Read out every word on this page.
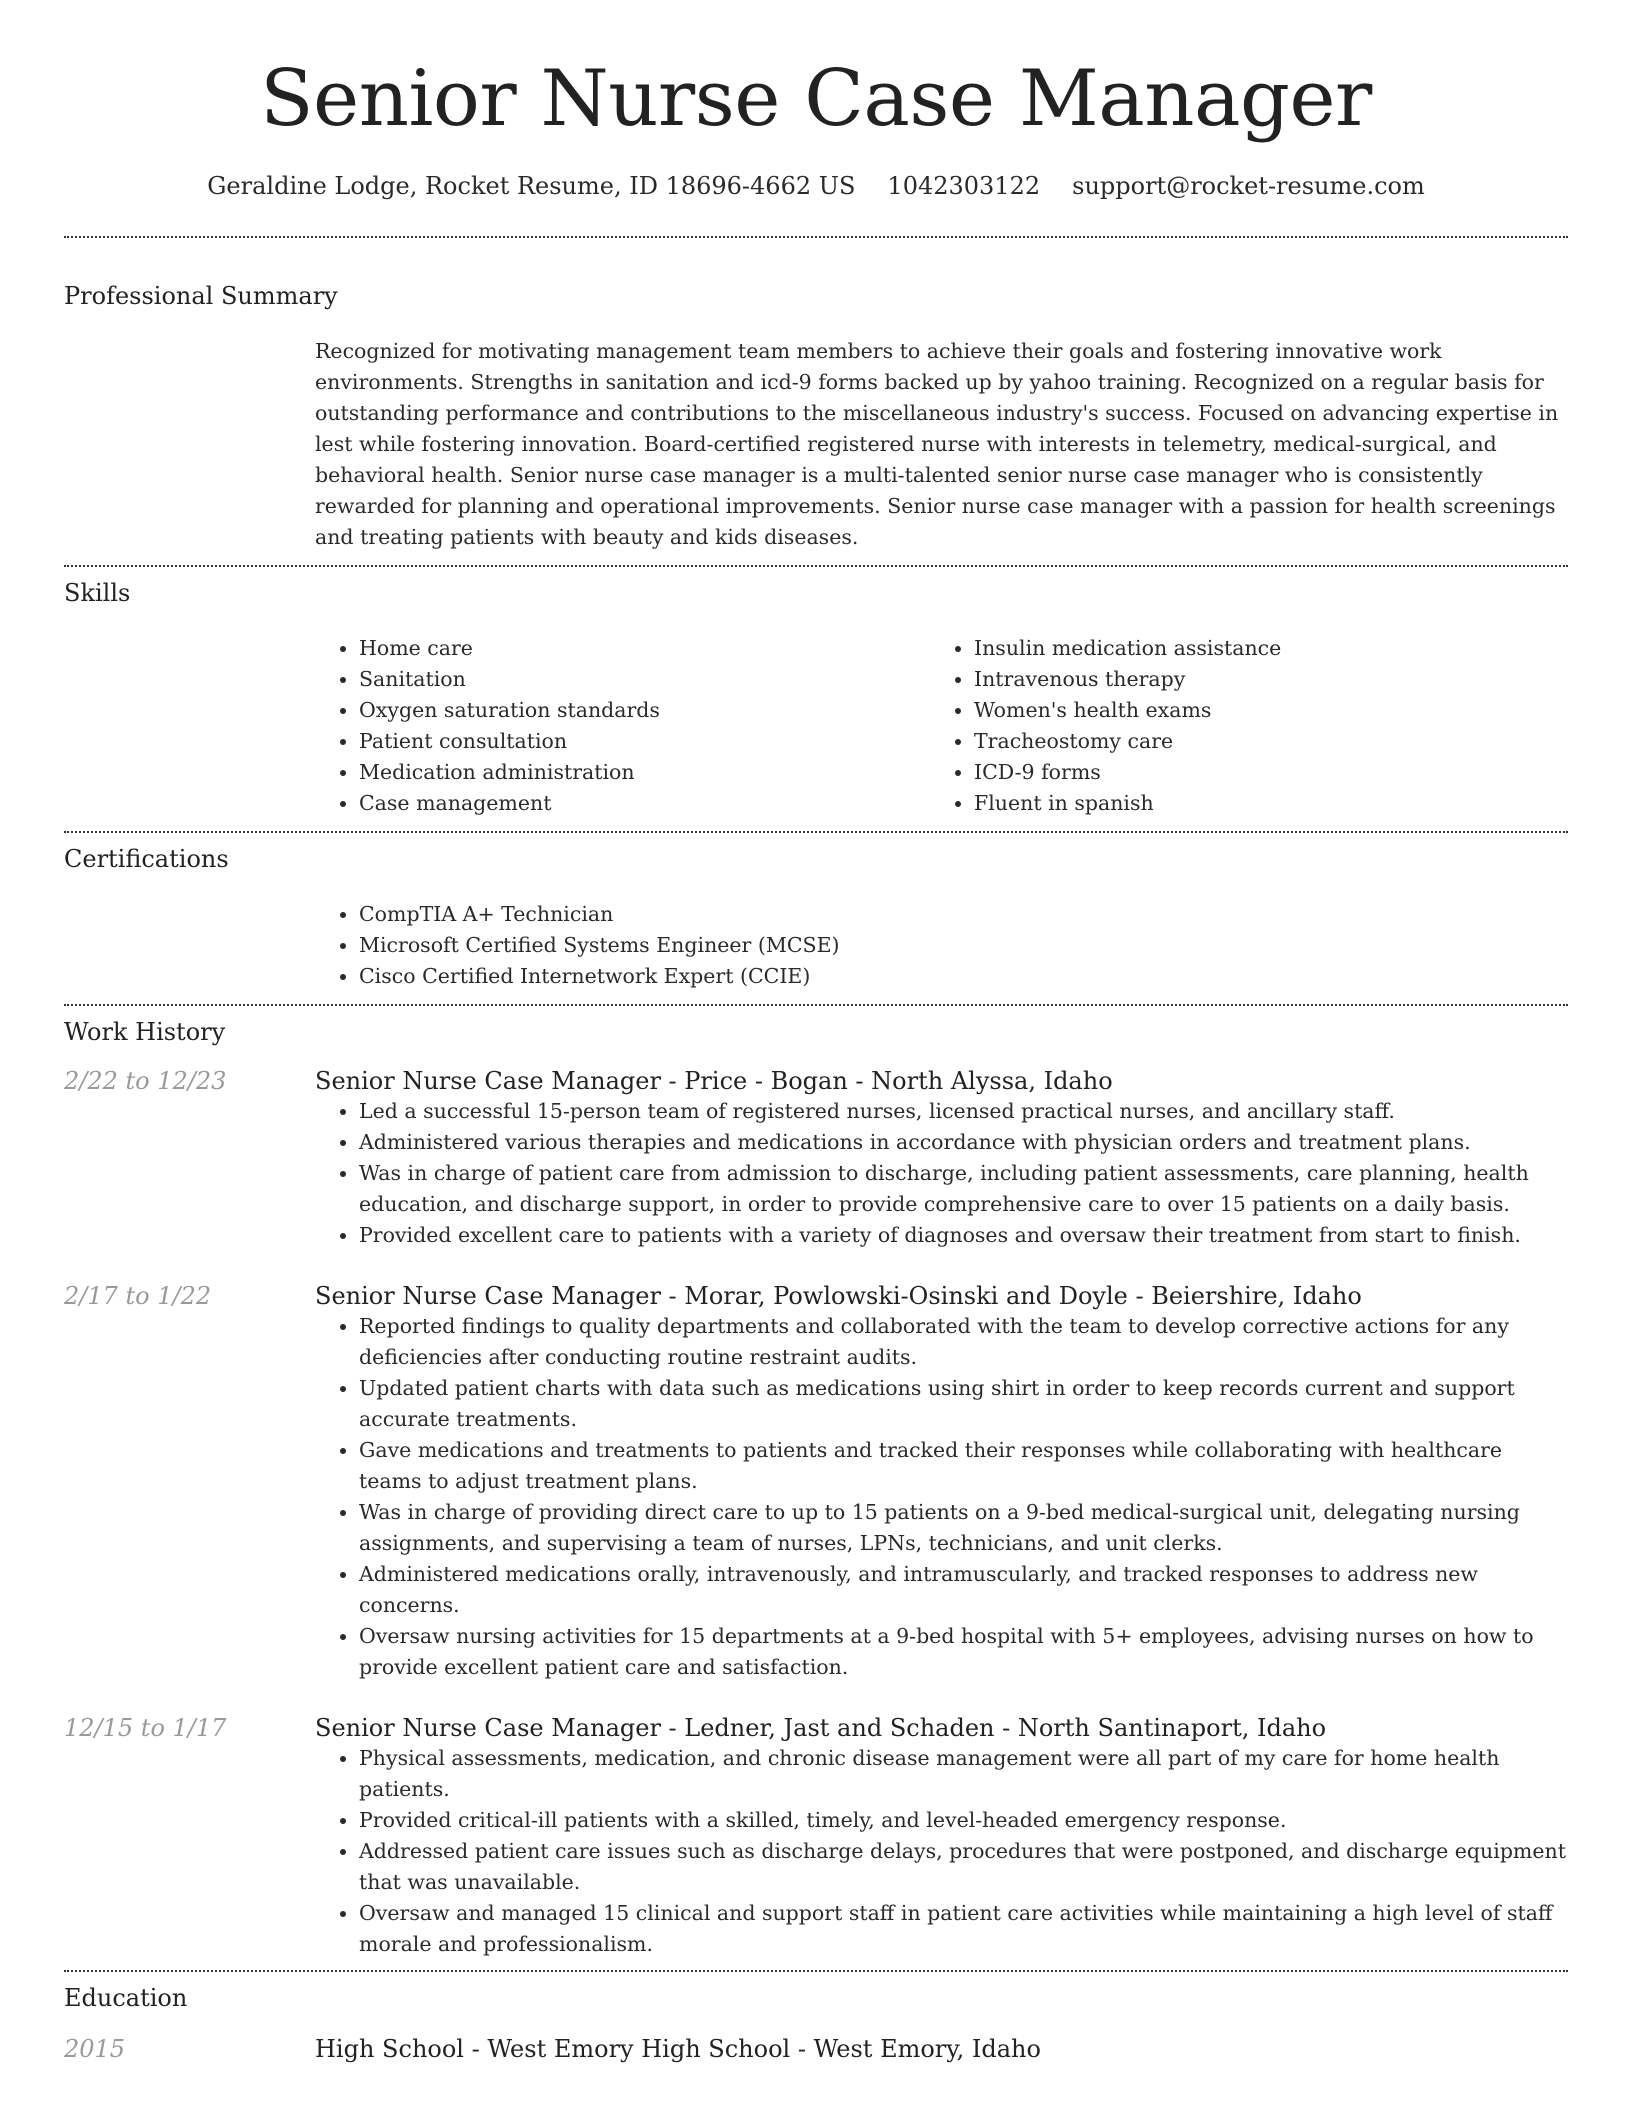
Senior Nurse Case Manager
Geraldine Lodge, Rocket Resume, ID 18696-4662 US 1042303122 support@rocket-resume.com
Professional Summary

Recognized for motivating management team members to achieve their goals and fostering innovative work environments. Strengths in sanitation and icd-9 forms backed up by yahoo training. Recognized on a regular basis for outstanding performance and contributions to the miscellaneous industry's success. Focused on advancing expertise in lest while fostering innovation. Board-certified registered nurse with interests in telemetry, medical-surgical, and behavioral health. Senior nurse case manager is a multi-talented senior nurse case manager who is consistently rewarded for planning and operational improvements. Senior nurse case manager with a passion for health screenings and treating patients with beauty and kids diseases.

Skills
• Home care
• Sanitation
• Oxygen saturation standards
• Patient consultation
• Medication administration
• Case management
• Insulin medication assistance
• Intravenous therapy
• Women's health exams
• Tracheostomy care
• ICD-9 forms
• Fluent in spanish
Certifications
• CompTIA A+ Technician
• Microsoft Certified Systems Engineer (MCSE)
• Cisco Certified Internetwork Expert (CCIE)
Work History
2/22 to 12/23	Senior Nurse Case Manager - Price - Bogan - North Alyssa, Idaho
• Led a successful 15-person team of registered nurses, licensed practical nurses, and ancillary staff.
• Administered various therapies and medications in accordance with physician orders and treatment plans.
• Was in charge of patient care from admission to discharge, including patient assessments, care planning, health education, and discharge support, in order to provide comprehensive care to over 15 patients on a daily basis.
• Provided excellent care to patients with a variety of diagnoses and oversaw their treatment from start to finish.
2/17 to 1/22	Senior Nurse Case Manager - Morar, Powlowski-Osinski and Doyle - Beiershire, Idaho
• Reported findings to quality departments and collaborated with the team to develop corrective actions for any deficiencies after conducting routine restraint audits.
• Updated patient charts with data such as medications using shirt in order to keep records current and support accurate treatments.
• Gave medications and treatments to patients and tracked their responses while collaborating with healthcare teams to adjust treatment plans.
• Was in charge of providing direct care to up to 15 patients on a 9-bed medical-surgical unit, delegating nursing assignments, and supervising a team of nurses, LPNs, technicians, and unit clerks.
• Administered medications orally, intravenously, and intramuscularly, and tracked responses to address new concerns.
• Oversaw nursing activities for 15 departments at a 9-bed hospital with 5+ employees, advising nurses on how to provide excellent patient care and satisfaction.
12/15 to 1/17	Senior Nurse Case Manager - Ledner, Jast and Schaden - North Santinaport, Idaho
• Physical assessments, medication, and chronic disease management were all part of my care for home health patients.
• Provided critical-ill patients with a skilled, timely, and level-headed emergency response.
• Addressed patient care issues such as discharge delays, procedures that were postponed, and discharge equipment that was unavailable.
• Oversaw and managed 15 clinical and support staff in patient care activities while maintaining a high level of staff morale and professionalism.
Education
2015	High School - West Emory High School - West Emory, Idaho
